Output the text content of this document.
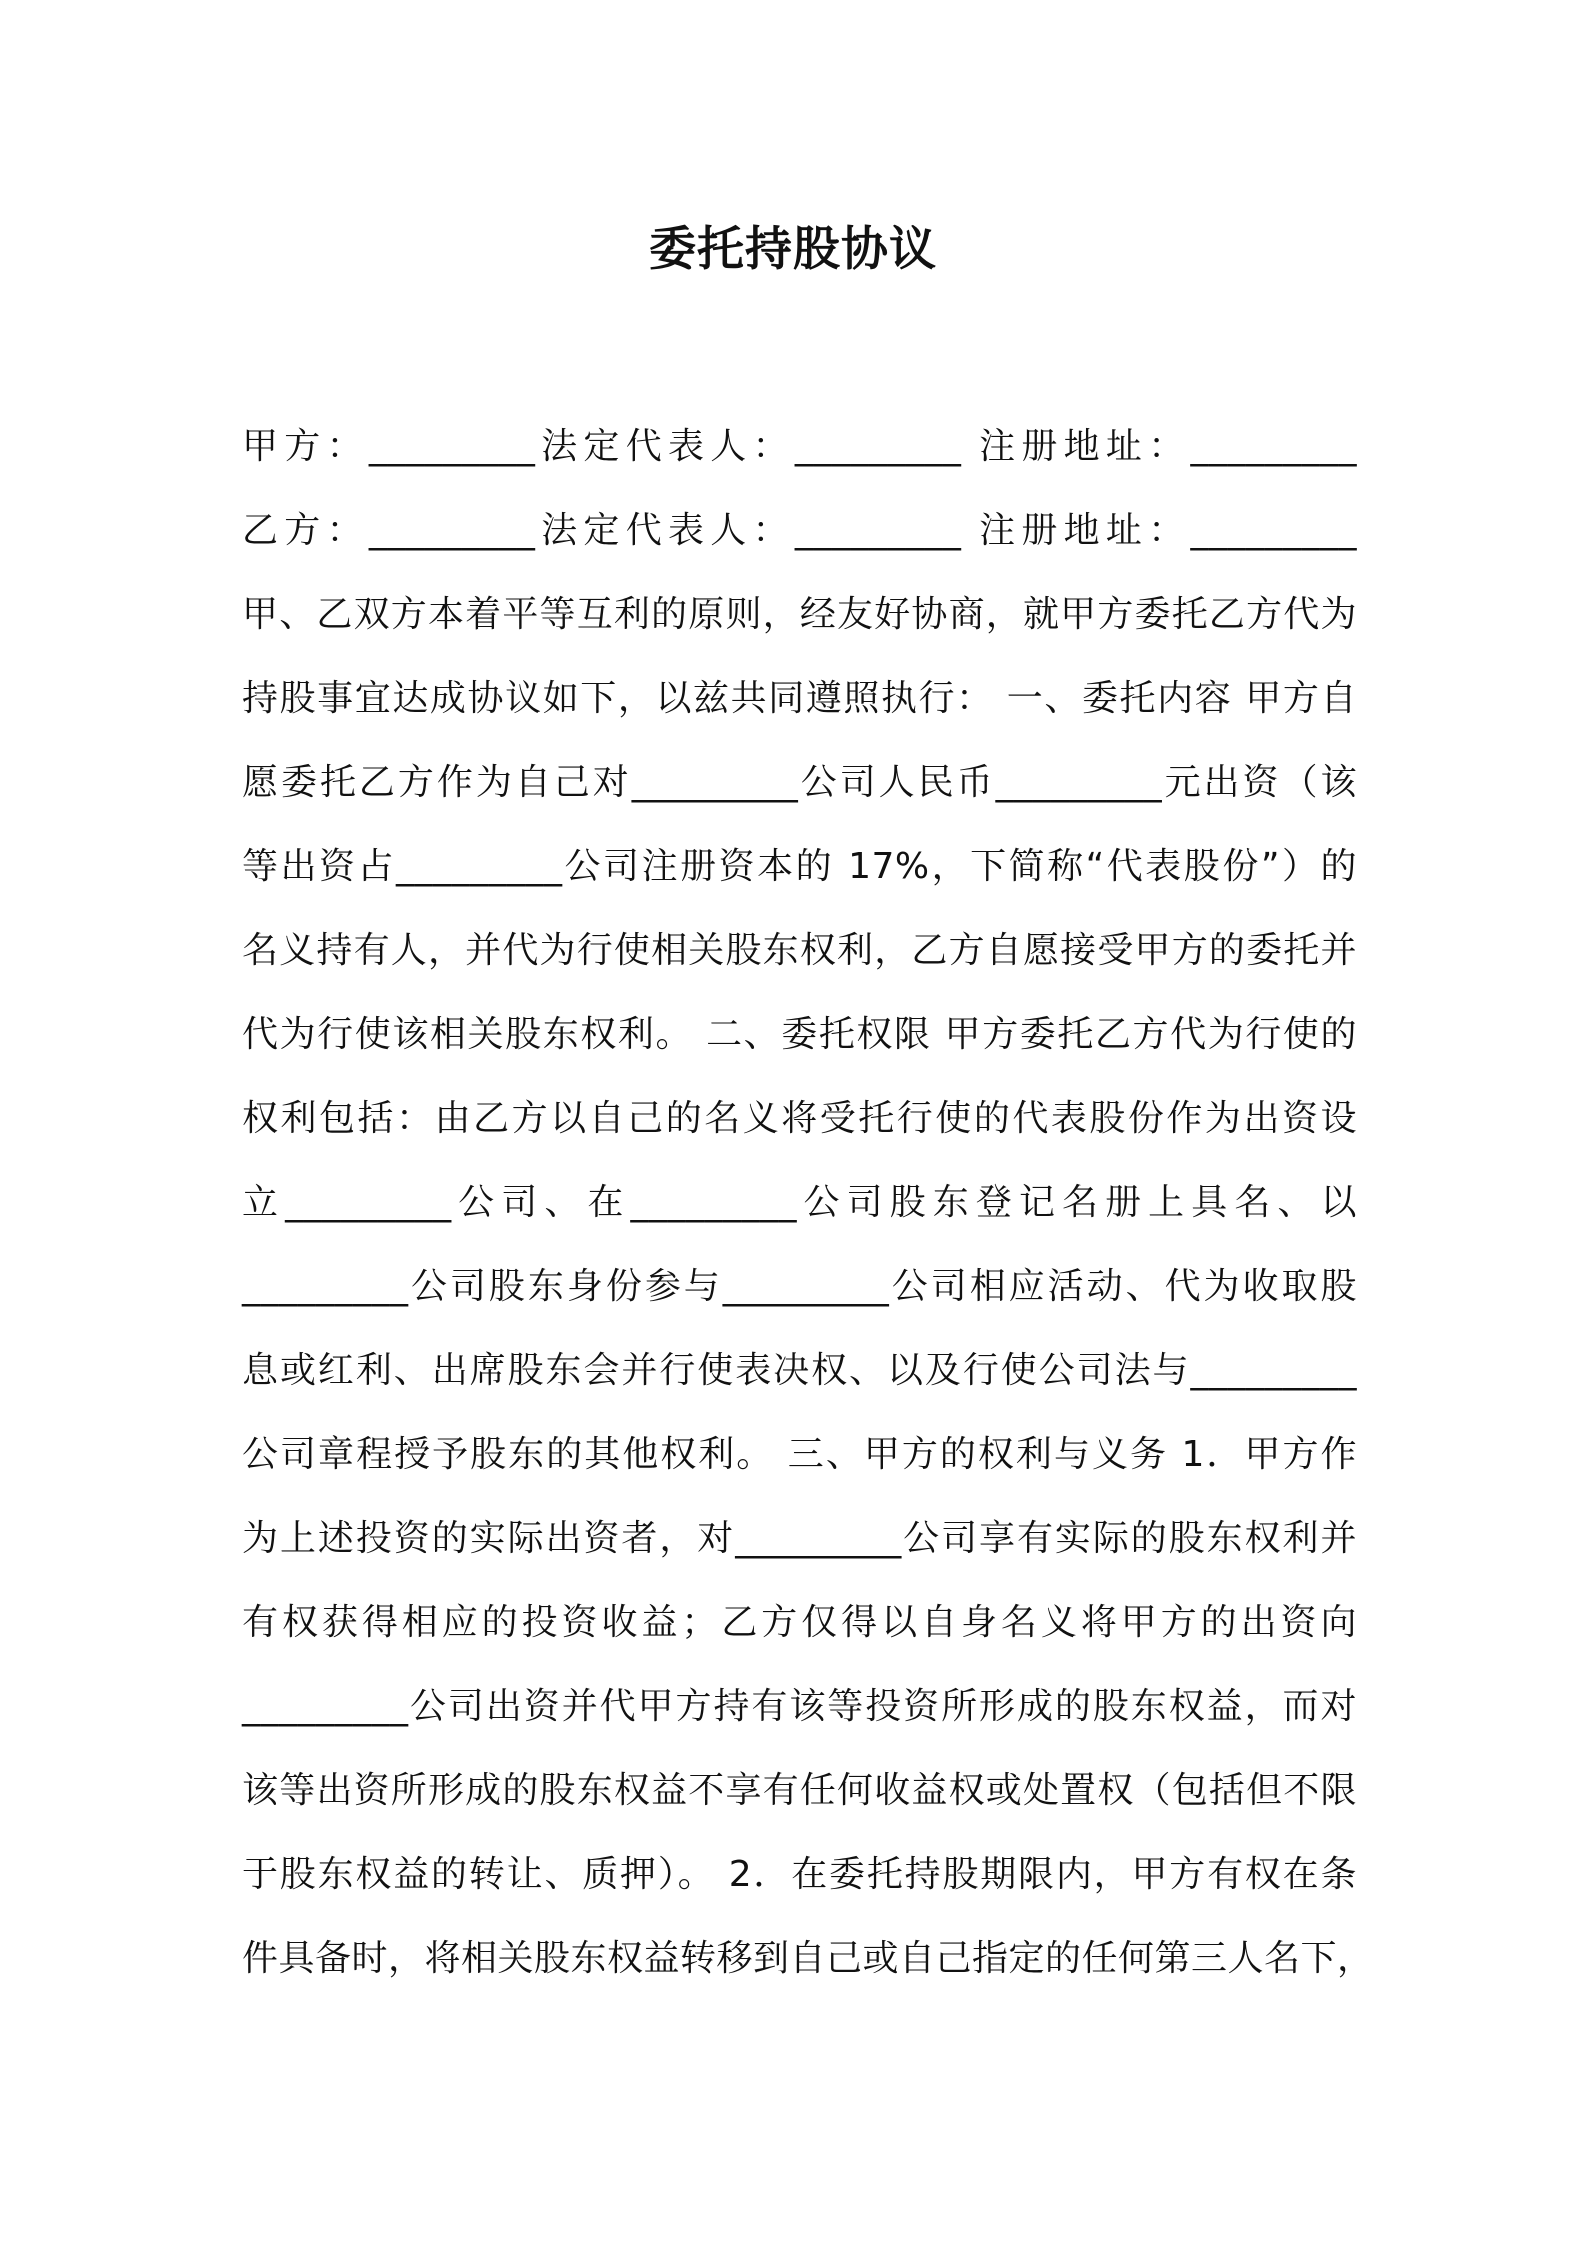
委托持股协议
甲方：_________法定代表人：_________ 注册地址：_________
乙方：_________法定代表人：_________ 注册地址：_________
甲、乙双方本着平等互利的原则，经友好协商，就甲方委托乙方代为
持股事宜达成协议如下，以兹共同遵照执行： 一、委托内容 甲方自
愿委托乙方作为自己对_________公司人民币_________元出资（该
等出资占_________公司注册资本的 17%，下简称“代表股份”）的
名义持有人，并代为行使相关股东权利，乙方自愿接受甲方的委托并
代为行使该相关股东权利。 二、委托权限 甲方委托乙方代为行使的
权利包括：由乙方以自己的名义将受托行使的代表股份作为出资设
立_________公司、在_________公司股东登记名册上具名、以
_________公司股东身份参与_________公司相应活动、代为收取股
息或红利、出席股东会并行使表决权、以及行使公司法与_________
公司章程授予股东的其他权利。 三、甲方的权利与义务 1．甲方作
为上述投资的实际出资者，对_________公司享有实际的股东权利并
有权获得相应的投资收益；乙方仅得以自身名义将甲方的出资向
_________公司出资并代甲方持有该等投资所形成的股东权益，而对
该等出资所形成的股东权益不享有任何收益权或处置权（包括但不限
于股东权益的转让、质押）。 2．在委托持股期限内，甲方有权在条
件具备时，将相关股东权益转移到自己或自己指定的任何第三人名下，
